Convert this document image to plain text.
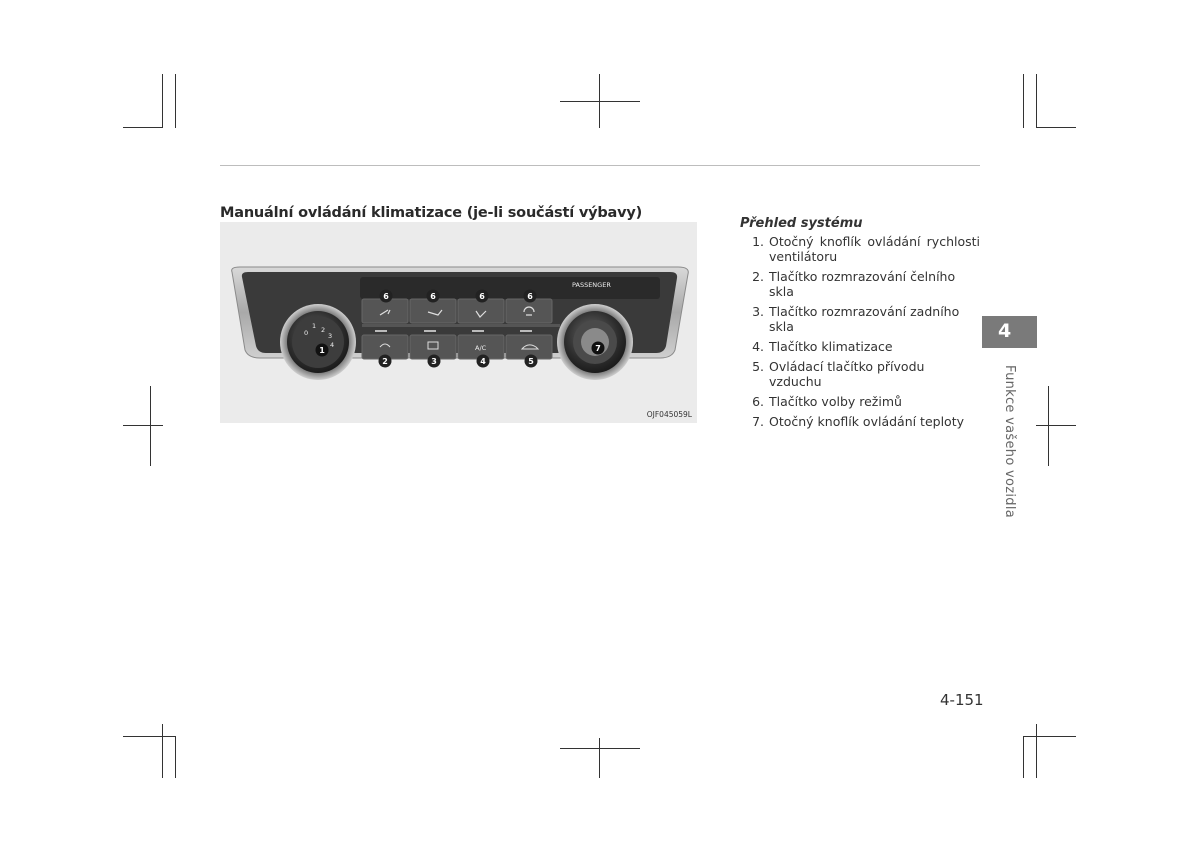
Manuální ovládání klimatizace (je-li součástí výbavy)
PASSENGER
A/C
0
1 2
3
4
6	6	6	6
1
2	3	4	5
7
OJF045059L
Přehled systému
1. Otočný knoflík ovládání rychlosti ventilátoru
2. Tlačítko rozmrazování čelního skla
3. Tlačítko rozmrazování zadního skla
4. Tlačítko klimatizace
5. Ovládací tlačítko přívodu vzduchu
6. Tlačítko volby režimů
7. Otočný knoflík ovládání teploty
4
Funkce vašeho vozidla
4-151
